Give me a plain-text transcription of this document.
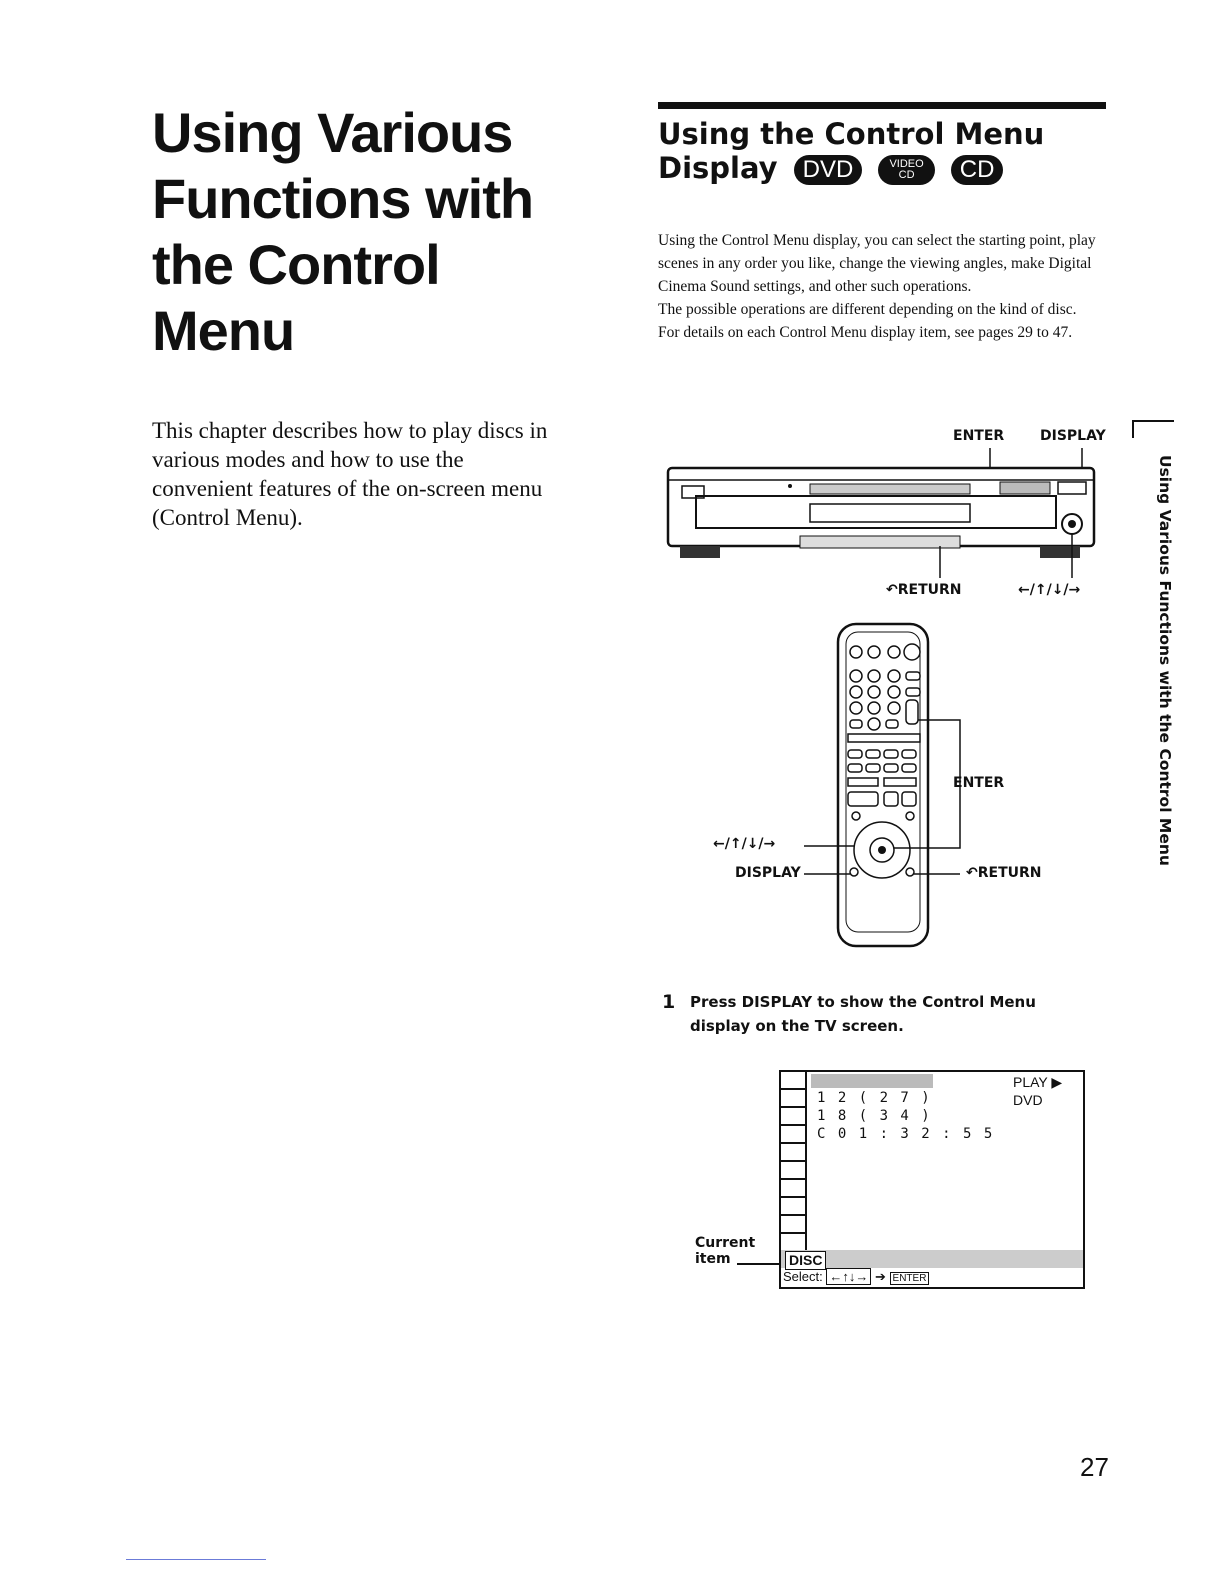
Using Various
Functions with
the Control
Menu
This chapter describes how to play discs in various modes and how to use the convenient features of the on-screen menu (Control Menu).
Using the Control Menu
Display DVD	VIDEO
CD	CD

Using the Control Menu display, you can select the starting point, play scenes in any order you like, change the viewing angles, make Digital Cinema Sound settings, and other such operations.

The possible operations are different depending on the kind of disc.

For details on each Control Menu display item, see pages 29 to 47.

ENTER	DISPLAY
↶RETURN	←/↑/↓/→
ENTER
←/↑/↓/→
DISPLAY	↶RETURN
1 Press DISPLAY to show the Control Menu display on the TV screen.
1 2 ( 2 7 )
1 8 ( 3 4 )
C 0 1 : 3 2 : 5 5
PLAY ▶
DVD
DISC
Select: ←↑↓→ ➔ ENTER
Current
item
Using Various Functions with the Control Menu
27
